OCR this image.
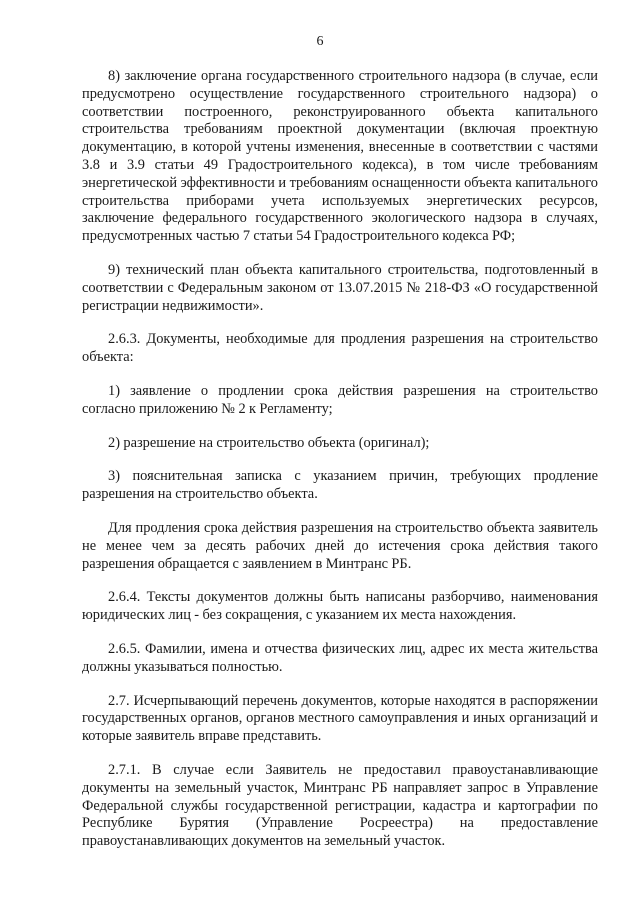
6

8) заключение органа государственного строительного надзора (в случае, если предусмотрено осуществление государственного строительного надзора) о соответствии построенного, реконструированного объекта капитального строительства требованиям проектной документации (включая проектную документацию, в которой учтены изменения, внесенные в соответствии с частями 3.8 и 3.9 статьи 49 Градостроительного кодекса), в том числе требованиям энергетической эффективности и требованиям оснащенности объекта капитального строительства приборами учета используемых энергетических ресурсов, заключение федерального государственного экологического надзора в случаях, предусмотренных частью 7 статьи 54 Градостроительного кодекса РФ;

9) технический план объекта капитального строительства, подготовленный в соответствии с Федеральным законом от 13.07.2015 № 218-ФЗ «О государственной регистрации недвижимости».

2.6.3. Документы, необходимые для продления разрешения на строительство объекта:

1) заявление о продлении срока действия разрешения на строительство согласно приложению № 2 к Регламенту;

2) разрешение на строительство объекта (оригинал);

3) пояснительная записка с указанием причин, требующих продление разрешения на строительство объекта.

Для продления срока действия разрешения на строительство объекта заявитель не менее чем за десять рабочих дней до истечения срока действия такого разрешения обращается с заявлением в Минтранс РБ.

2.6.4. Тексты документов должны быть написаны разборчиво, наименования юридических лиц - без сокращения, с указанием их места нахождения.

2.6.5. Фамилии, имена и отчества физических лиц, адрес их места жительства должны указываться полностью.

2.7. Исчерпывающий перечень документов, которые находятся в распоряжении государственных органов, органов местного самоуправления и иных организаций и которые заявитель вправе представить.

2.7.1. В случае если Заявитель не предоставил правоустанавливающие документы на земельный участок, Минтранс РБ направляет запрос в Управление Федеральной службы государственной регистрации, кадастра и картографии по Республике Бурятия (Управление Росреестра) на предоставление правоустанавливающих документов на земельный участок.
